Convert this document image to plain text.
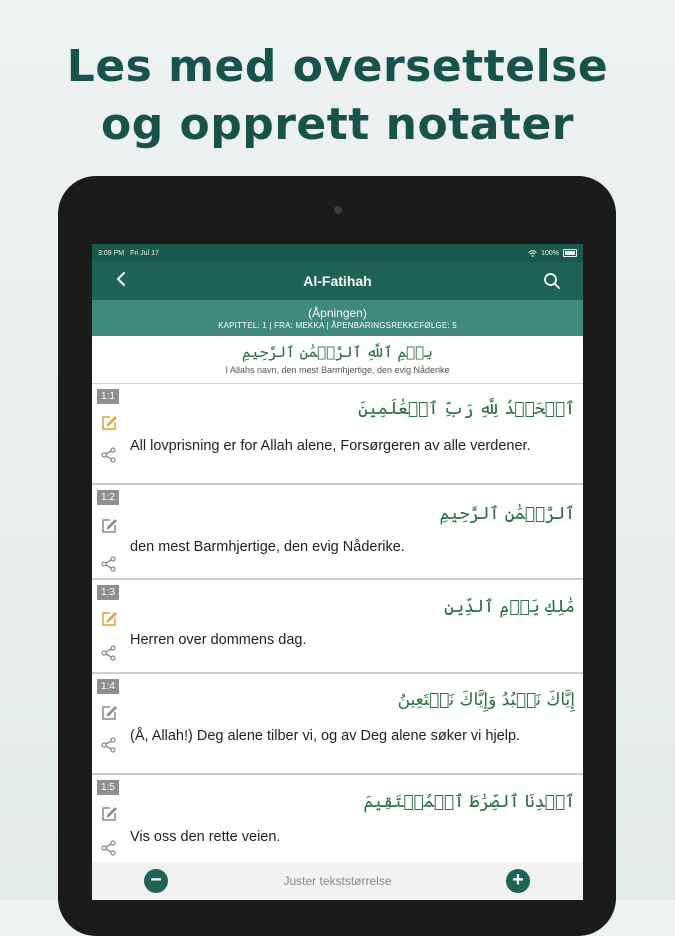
Les med oversettelse
og opprett notater
3:09 PM Fri Jul 17	100%
Al-Fatihah
(Åpningen)
KAPITTEL: 1 | FRA: MEKKA | ÅPENBARINGSREKKEFØLGE: 5
بِسۡمِ ٱللَّهِ ٱلرَّحۡمَٰنِ ٱلرَّحِيمِ
I Allahs navn, den mest Barmhjertige, den evig Nåderike
1:1
ٱلۡحَمۡدُ لِلَّهِ رَبِّ ٱلۡعَٰلَمِينَ
All lovprisning er for Allah alene, Forsørgeren av alle verdener.
1:2
ٱلرَّحۡمَٰنِ ٱلرَّحِيمِ
den mest Barmhjertige, den evig Nåderike.
1:3
مَٰلِكِ يَوۡمِ ٱلدِّينِ
Herren over dommens dag.
1:4
إِيَّاكَ نَعۡبُدُ وَإِيَّاكَ نَسۡتَعِينُ
(Å, Allah!) Deg alene tilber vi, og av Deg alene søker vi hjelp.
1:5
ٱهۡدِنَا ٱلصِّرَٰطَ ٱلۡمُسۡتَقِيمَ
Vis oss den rette veien.
−	Juster tekststørrelse	+
